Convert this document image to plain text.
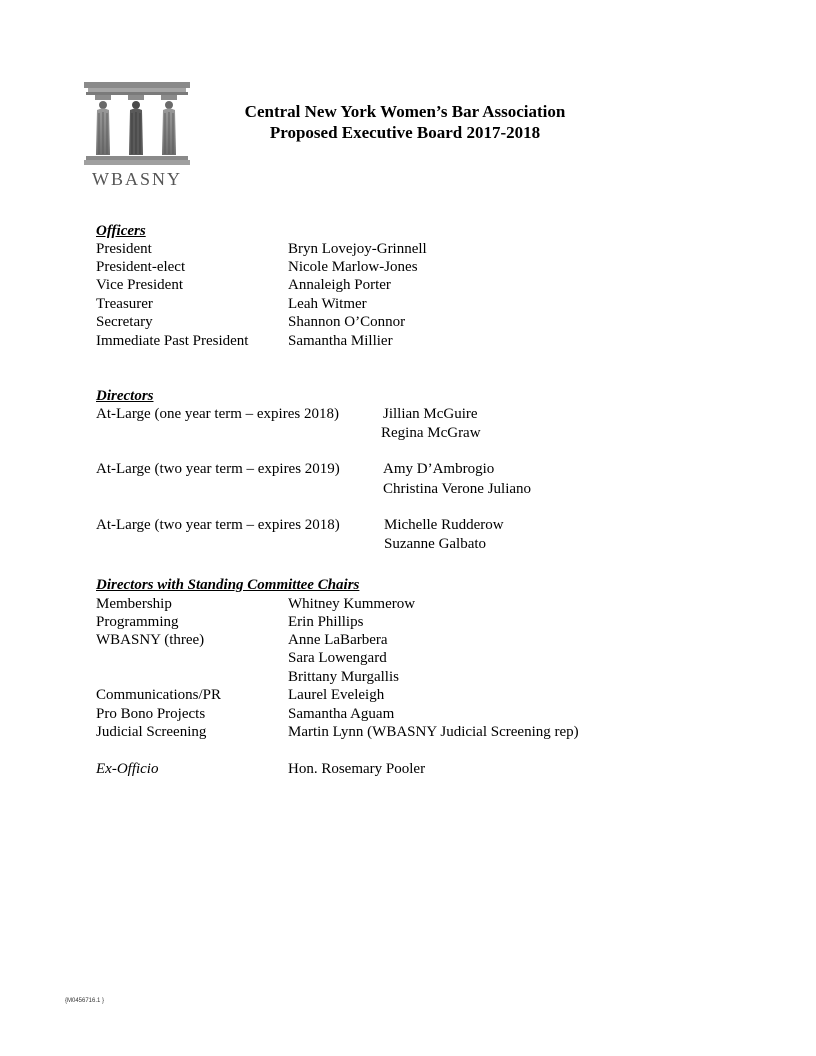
WBASNY
Central New York Women’s Bar Association
Proposed Executive Board 2017-2018
Officers
President	Bryn Lovejoy-Grinnell
President-elect	Nicole Marlow-Jones
Vice President	Annaleigh Porter
Treasurer	Leah Witmer
Secretary	Shannon O’Connor
Immediate Past President	Samantha Millier
Directors
At-Large (one year term – expires 2018)	Jillian McGuire
Regina McGraw
At-Large (two year term – expires 2019)	Amy D’Ambrogio
Christina Verone Juliano
At-Large (two year term – expires 2018)	Michelle Rudderow
Suzanne Galbato
Directors with Standing Committee Chairs
Membership	Whitney Kummerow
Programming	Erin Phillips
WBASNY (three)	Anne LaBarbera
Sara Lowengard
Brittany Murgallis
Communications/PR	Laurel Eveleigh
Pro Bono Projects	Samantha Aguam
Judicial Screening	Martin Lynn (WBASNY Judicial Screening rep)
Ex-Officio	Hon. Rosemary Pooler
{M0456716.1 }
